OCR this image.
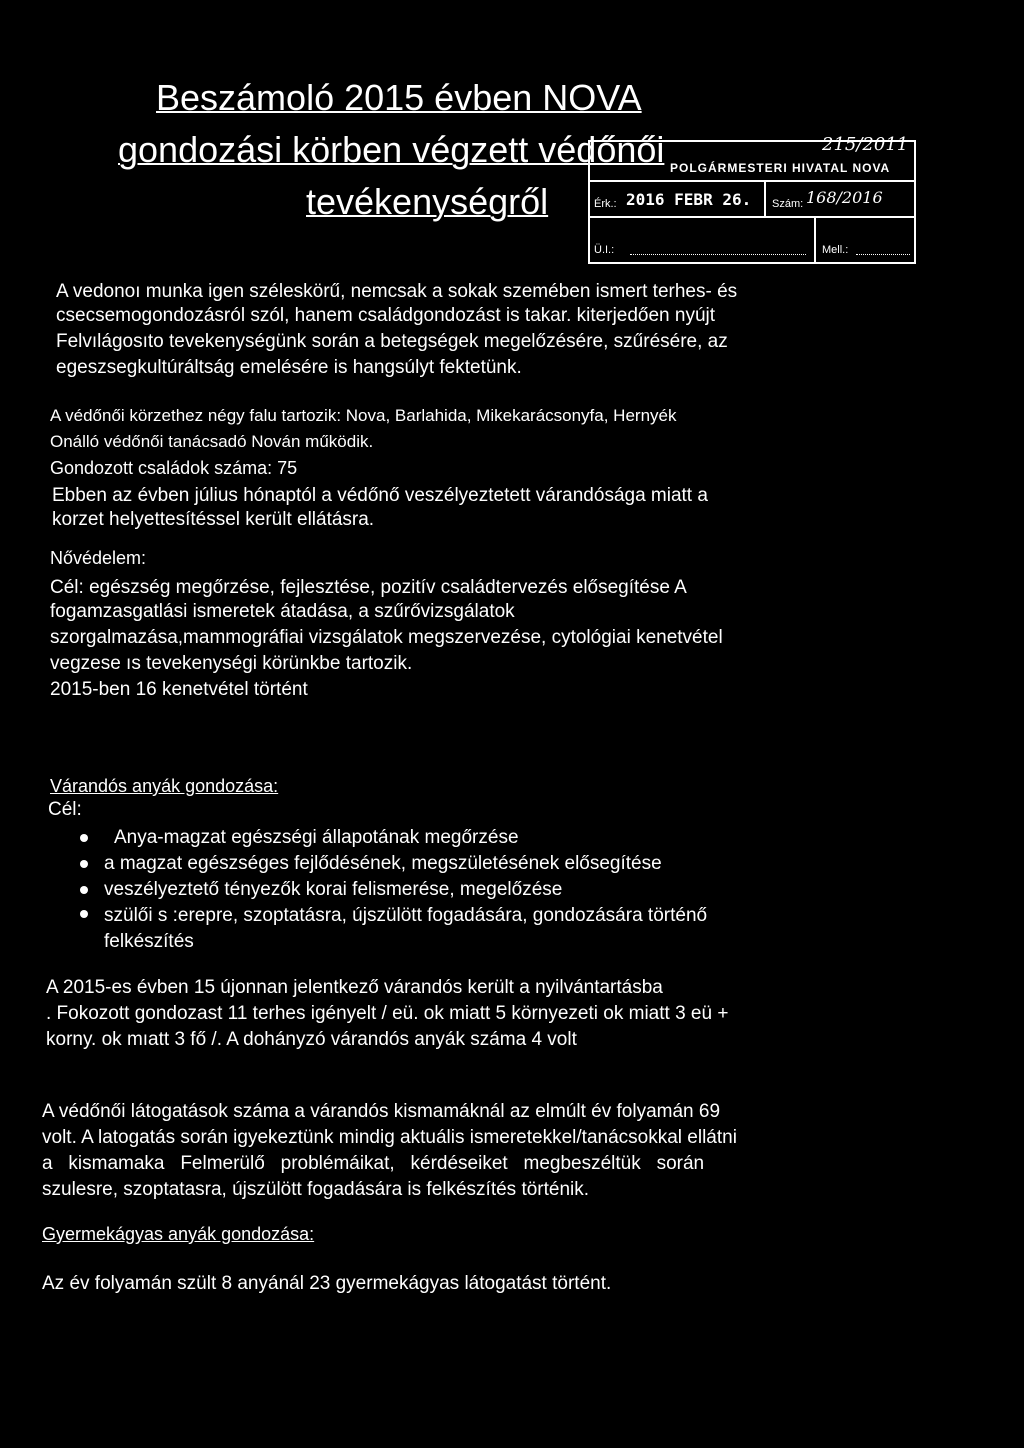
Beszámoló 2015 évben NOVA
gondozási körben végzett védőnői
tevékenységről
215/2011
POLGÁRMESTERI HIVATAL NOVA
Érk.: 2016 FEBR 26. Szám: 168/2016
Ü.I.:	Mell.:
A vedonoı munka igen széleskörű, nemcsak a sokak szemében ismert terhes- és
csecsemogondozásról szól, hanem családgondozást is takar. kiterjedően nyújt
Felvılágosıto tevekenységünk során a betegségek megelőzésére, szűrésére, az
egeszsegkultúráltság emelésére is hangsúlyt fektetünk.
A védőnői körzethez négy falu tartozik: Nova, Barlahida, Mikekarácsonyfa, Hernyék
Onálló védőnői tanácsadó Nován működik.
Gondozott családok száma: 75
Ebben az évben július hónaptól a védőnő veszélyeztetett várandósága miatt a
korzet helyettesítéssel került ellátásra.
Nővédelem:
Cél: egészség megőrzése, fejlesztése, pozitív családtervezés elősegítése A
fogamzasgatlási ismeretek átadása, a szűrővizsgálatok
szorgalmazása,mammográfiai vizsgálatok megszervezése, cytológiai kenetvétel
vegzese ıs tevekenységi körünkbe tartozik.
2015-ben 16 kenetvétel történt
Várandós anyák gondozása:
Cél:
Anya-magzat egészségi állapotának megőrzése
a magzat egészséges fejlődésének, megszületésének elősegítése
veszélyeztető tényezők korai felismerése, megelőzése
szülői s :erepre, szoptatásra, újszülött fogadására, gondozására történő
felkészítés
A 2015-es évben 15 újonnan jelentkező várandós került a nyilvántartásba
. Fokozott gondozast 11 terhes igényelt / eü. ok miatt 5 környezeti ok miatt 3 eü +
korny. ok mıatt 3 fő /. A dohányzó várandós anyák száma 4 volt
A védőnői látogatások száma a várandós kismamáknál az elmúlt év folyamán 69
volt. A latogatás során igyekeztünk mindig aktuális ismeretekkel/tanácsokkal ellátni
a   kismamaka   Felmerülő   problémáikat,   kérdéseiket   megbeszéltük   során
szulesre, szoptatasra, újszülött fogadására is felkészítés történik.
Gyermekágyas anyák gondozása:
Az év folyamán szült 8 anyánál 23 gyermekágyas látogatást történt.
